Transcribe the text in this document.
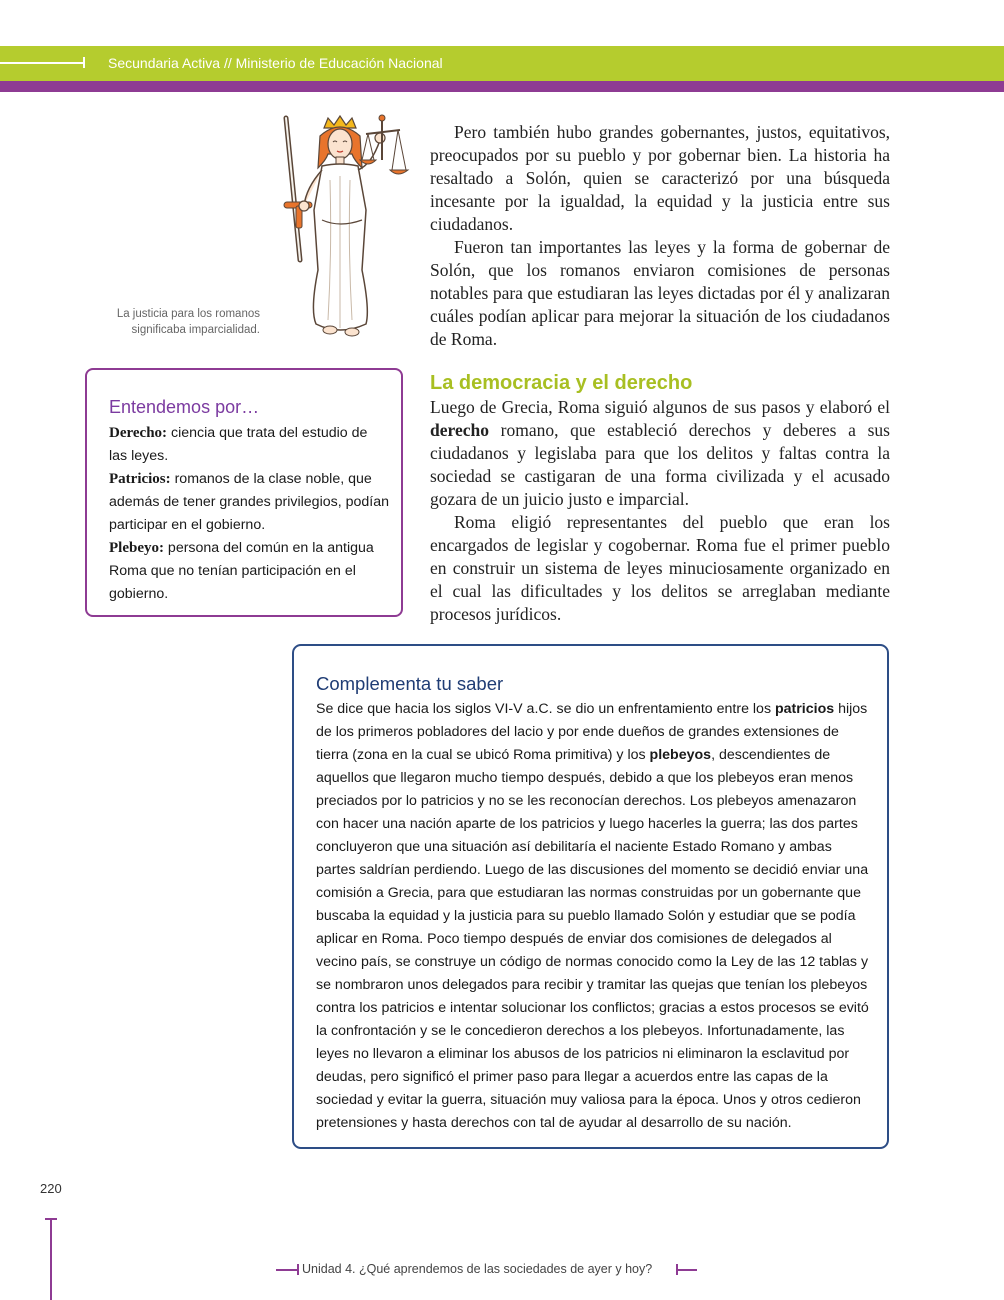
Secundaria Activa // Ministerio de Educación Nacional
La justicia para los romanos
significaba imparcialidad.

Pero también hubo grandes gobernantes, justos, equitativos, preocupados por su pueblo y por gobernar bien. La historia ha resaltado a Solón, quien se caracterizó por una búsqueda incesante por la igualdad, la equidad y la justicia entre sus ciudadanos.

Fueron tan importantes las leyes y la forma de gobernar de Solón, que los romanos enviaron comisiones de personas notables para que estudiaran las leyes dictadas por él y analizaran cuáles podían aplicar para mejorar la situación de los ciudadanos de Roma.

La democracia y el derecho

Luego de Grecia, Roma siguió algunos de sus pasos y elaboró el derecho romano, que estableció derechos y deberes a sus ciudadanos y legislaba para que los delitos y faltas contra la sociedad se castigaran de una forma civilizada y el acusado gozara de un juicio justo e imparcial.

Roma eligió representantes del pueblo que eran los encargados de legislar y cogobernar. Roma fue el primer pueblo en construir un sistema de leyes minuciosamente organizado en el cual las dificultades y los delitos se arreglaban mediante procesos jurídicos.

Entendemos por…

Derecho: ciencia que trata del estudio de las leyes.

Patricios: romanos de la clase noble, que además de tener grandes privilegios, podían participar en el gobierno.

Plebeyo: persona del común en la antigua Roma que no tenían participación en el gobierno.

Complementa tu saber
Se dice que hacia los siglos VI-V a.C. se dio un enfrentamiento entre los patricios hijos de los primeros pobladores del lacio y por ende dueños de grandes extensiones de tierra (zona en la cual se ubicó Roma primitiva) y los plebeyos, descendientes de aquellos que llegaron mucho tiempo después, debido a que los plebeyos eran menos preciados por lo patricios y no se les reconocían derechos. Los plebeyos amenazaron con hacer una nación aparte de los patricios y luego hacerles la guerra; las dos partes concluyeron que una situación así debilitaría el naciente Estado Romano y ambas partes saldrían perdiendo. Luego de las discusiones del momento se decidió enviar una comisión a Grecia, para que estudiaran las normas construidas por un gobernante que buscaba la equidad y la justicia para su pueblo llamado Solón y estudiar que se podía aplicar en Roma. Poco tiempo después de enviar dos comisiones de delegados al vecino país, se construye un código de normas conocido como la Ley de las 12 tablas y se nombraron unos delegados para recibir y tramitar las quejas que tenían los plebeyos contra los patricios e intentar solucionar los conflictos; gracias a estos procesos se evitó la confrontación y se le concedieron derechos a los plebeyos. Infortunadamente, las leyes no llevaron a eliminar los abusos de los patricios ni eliminaron la esclavitud por deudas, pero significó el primer paso para llegar a acuerdos entre las capas de la sociedad y evitar la guerra, situación muy valiosa para la época. Unos y otros cedieron pretensiones y hasta derechos con tal de ayudar al desarrollo de su nación.
220
Unidad 4. ¿Qué aprendemos de las sociedades de ayer y hoy?
